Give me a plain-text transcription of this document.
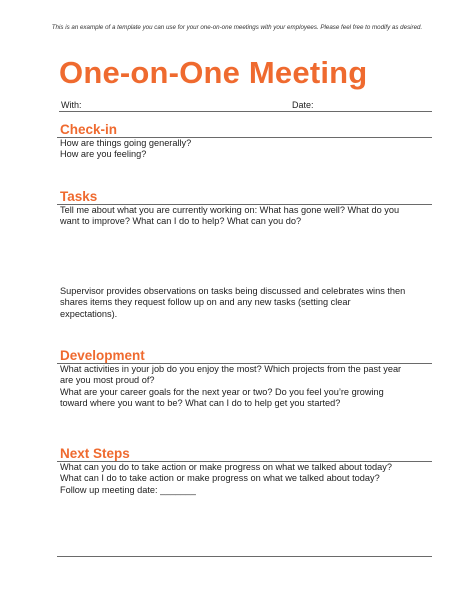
This is an example of a template you can use for your one-on-one meetings with your employees. Please feel free to modify as desired.
One-on-One Meeting
With:	Date:
Check-in
How are things going generally?
How are you feeling?
Tasks
Tell me about what you are currently working on: What has gone well? What do you
want to improve? What can I do to help? What can you do?
Supervisor provides observations on tasks being discussed and celebrates wins then
shares items they request follow up on and any new tasks (setting clear
expectations).
Development
What activities in your job do you enjoy the most? Which projects from the past year
are you most proud of?
What are your career goals for the next year or two? Do you feel you’re growing
toward where you want to be? What can I do to help get you started?
Next Steps
What can you do to take action or make progress on what we talked about today?
What can I do to take action or make progress on what we talked about today?
Follow up meeting date: _______
